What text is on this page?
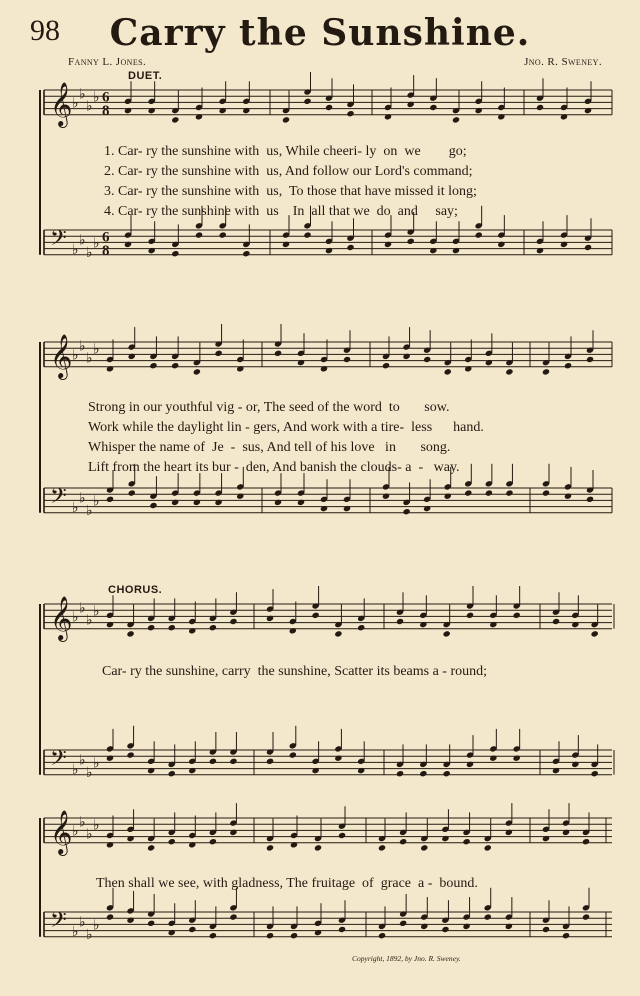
98	Carry the Sunshine.
Fanny L. Jones.	Jno. R. Sweney.
DUET.
CHORUS.
𝄞 ♭
♭
♭
♭ 6
8
𝄢 ♭
♭
♭
♭ 6
8
𝄞 ♭
♭
♭
♭
𝄢 ♭
♭
♭
♭
𝄞 ♭
♭
♭
♭
𝄢 ♭
♭
♭
♭
𝄞 ♭
♭
♭
♭
𝄢 ♭
♭
♭
♭
1. Car- ry the sunshine with  us, While cheeri- ly  on  we        go;
2. Car- ry the sunshine with  us, And follow our Lord's command;
3. Car- ry the sunshine with  us,  To those that have missed it long;
4. Car- ry the sunshine with  us    In  all that we  do  and     say;
Strong in our youthful vig - or, The seed of the word  to       sow.
Work while the daylight lin - gers, And work with a tire-  less      hand.
Whisper the name of  Je  -  sus, And tell of his love   in       song.
Lift from the heart its bur -  den, And banish the clouds- a  -   way.
Car- ry the sunshine, carry  the sunshine, Scatter its beams a - round;
Then shall we see, with gladness, The fruitage  of  grace  a -  bound.
Copyright, 1892, by Jno. R. Sweney.
